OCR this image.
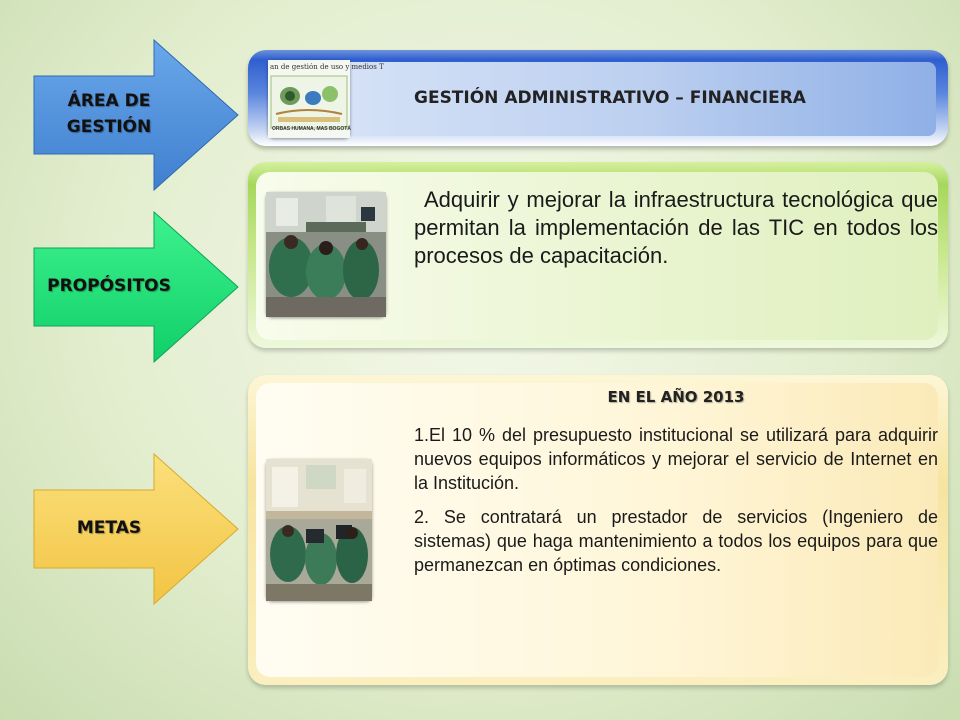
ÁREA DE GESTIÓN
PROPÓSITOS
METAS
an de gestión de uso y medios T
ORBAS HUMANA, MAS BOGOTÁ
GESTIÓN ADMINISTRATIVO – FINANCIERA
Adquirir y mejorar la infraestructura tecnológica que permitan la implementación de las TIC en todos los procesos de capacitación.
EN EL AÑO 2013

1.El 10 % del presupuesto institucional se utilizará para adquirir nuevos equipos informáticos y mejorar el servicio de Internet en la Institución.

2. Se contratará un prestador de servicios (Ingeniero de sistemas) que haga mantenimiento a todos los equipos para que permanezcan en óptimas condiciones.
